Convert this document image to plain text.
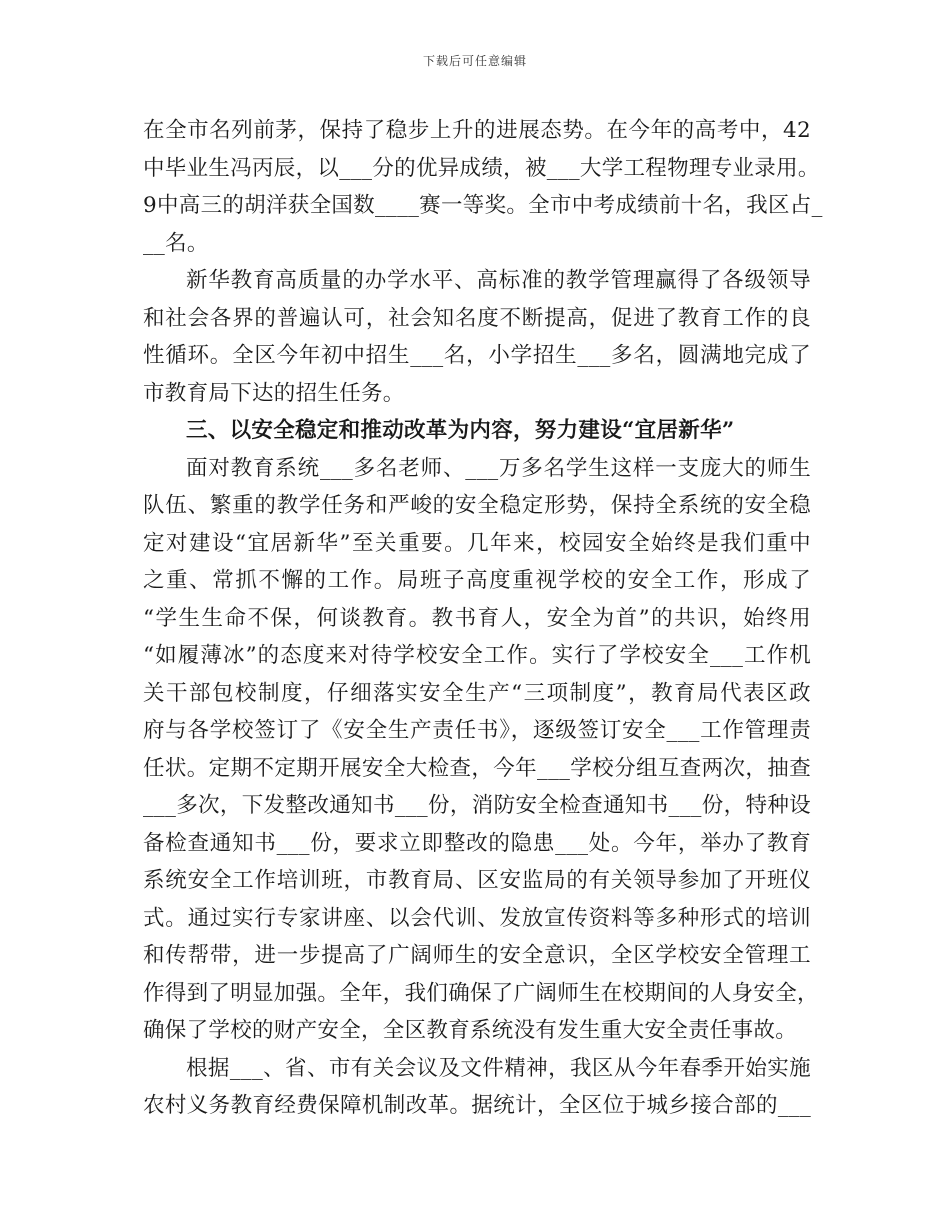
下载后可任意编辑
在全市名列前茅，保持了稳步上升的进展态势。在今年的高考中，42
中毕业生冯丙辰，以___分的优异成绩，被___大学工程物理专业录用。
9中高三的胡洋获全国数____赛一等奖。全市中考成绩前十名，我区占_
__名。
新华教育高质量的办学水平、高标准的教学管理赢得了各级领导
和社会各界的普遍认可，社会知名度不断提高，促进了教育工作的良
性循环。全区今年初中招生___名，小学招生___多名，圆满地完成了
市教育局下达的招生任务。
三、以安全稳定和推动改革为内容，努力建设“宜居新华”
面对教育系统___多名老师、___万多名学生这样一支庞大的师生
队伍、繁重的教学任务和严峻的安全稳定形势，保持全系统的安全稳
定对建设“宜居新华”至关重要。几年来，校园安全始终是我们重中
之重、常抓不懈的工作。局班子高度重视学校的安全工作，形成了
“学生生命不保，何谈教育。教书育人，安全为首”的共识，始终用
“如履薄冰”的态度来对待学校安全工作。实行了学校安全___工作机
关干部包校制度，仔细落实安全生产“三项制度”，教育局代表区政
府与各学校签订了《安全生产责任书》，逐级签订安全___工作管理责
任状。定期不定期开展安全大检查，今年___学校分组互查两次，抽查
___多次，下发整改通知书___份，消防安全检查通知书___份，特种设
备检查通知书___份，要求立即整改的隐患___处。今年，举办了教育
系统安全工作培训班，市教育局、区安监局的有关领导参加了开班仪
式。通过实行专家讲座、以会代训、发放宣传资料等多种形式的培训
和传帮带，进一步提高了广阔师生的安全意识，全区学校安全管理工
作得到了明显加强。全年，我们确保了广阔师生在校期间的人身安全，
确保了学校的财产安全，全区教育系统没有发生重大安全责任事故。
根据___、省、市有关会议及文件精神，我区从今年春季开始实施
农村义务教育经费保障机制改革。据统计，全区位于城乡接合部的___
